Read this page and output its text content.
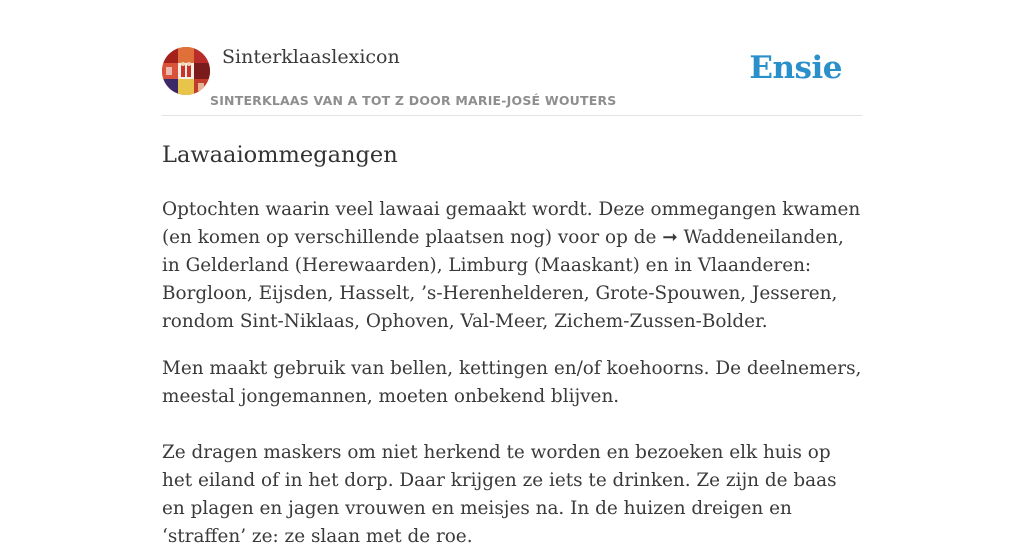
Sinterklaaslexicon
SINTERKLAAS VAN A TOT Z DOOR MARIE-JOSÉ WOUTERS
Ensie
Lawaaiommegangen

Optochten waarin veel lawaai gemaakt wordt. Deze ommegangen kwamen (en komen op verschillende plaatsen nog) voor op de ➞ Waddeneilanden, in Gelderland (Herewaarden), Limburg (Maaskant) en in Vlaanderen: Borgloon, Eijsden, Hasselt, ’s-Herenhelderen, Grote-Spouwen, Jesseren, rondom Sint-Niklaas, Ophoven, Val-Meer, Zichem-Zussen-Bolder.

Men maakt gebruik van bellen, kettingen en/of koehoorns. De deelnemers, meestal jongemannen, moeten onbekend blijven.

Ze dragen maskers om niet herkend te worden en bezoeken elk huis op het eiland of in het dorp. Daar krijgen ze iets te drinken. Ze zijn de baas en plagen en jagen vrouwen en meisjes na. In de huizen dreigen en ‘straffen’ ze: ze slaan met de roe.
